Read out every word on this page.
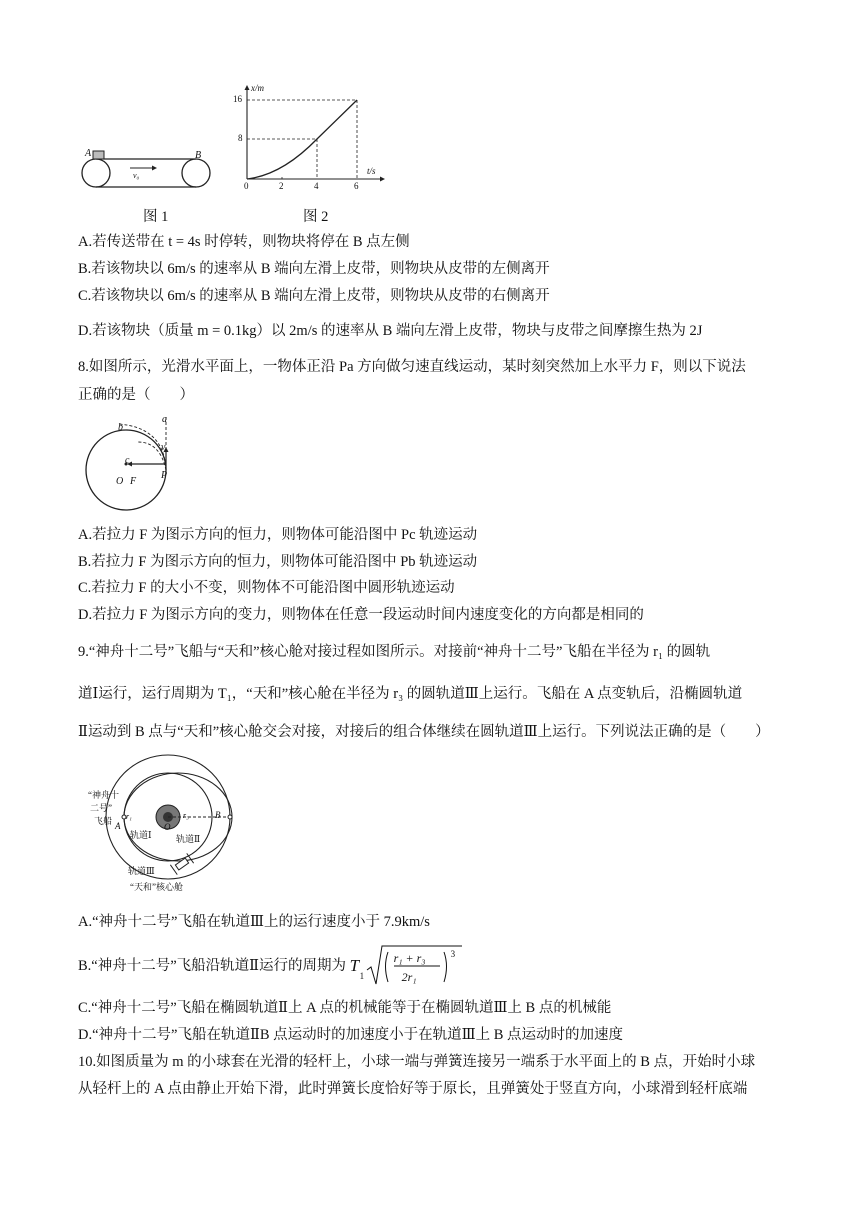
A	B
v₀
图 1
x/m
t/s
16
8
0	2	4	6
图 2
A.若传送带在 t = 4s 时停转，则物块将停在 B 点左侧
B.若该物块以 6m/s 的速率从 B 端向左滑上皮带，则物块从皮带的左侧离开
C.若该物块以 6m/s 的速率从 B 端向左滑上皮带，则物块从皮带的右侧离开
D.若该物块（质量 m = 0.1kg）以 2m/s 的速率从 B 端向左滑上皮带，物块与皮带之间摩擦生热为 2J
8.如图所示，光滑水平面上，一物体正沿 Pa 方向做匀速直线运动，某时刻突然加上水平力 F，则以下说法
正确的是（　　）
a
b
c
v
P
O F
A.若拉力 F 为图示方向的恒力，则物体可能沿图中 Pc 轨迹运动
B.若拉力 F 为图示方向的恒力，则物体可能沿图中 Pb 轨迹运动
C.若拉力 F 的大小不变，则物体不可能沿图中圆形轨迹运动
D.若拉力 F 为图示方向的变力，则物体在任意一段运动时间内速度变化的方向都是相同的
9.“神舟十二号”飞船与“天和”核心舱对接过程如图所示。对接前“神舟十二号”飞船在半径为 r₁ 的圆轨
道Ⅰ运行，运行周期为 T₁，“天和”核心舱在半径为 r₃ 的圆轨道Ⅲ上运行。飞船在 A 点变轨后，沿椭圆轨道
Ⅱ运动到 B 点与“天和”核心舱交会对接，对接后的组合体继续在圆轨道Ⅲ上运行。下列说法正确的是（　　）
“神舟十
二号”
飞船 A
B
r₁	r₃
O
轨道Ⅰ	轨道Ⅱ
轨道Ⅲ
“天和”核心舱
A.“神舟十二号”飞船在轨道Ⅲ上的运行速度小于 7.9km/s
B.“神舟十二号”飞船沿轨道Ⅱ运行的周期为 T
1
r₁ + r₃
2r₁
3
C.“神舟十二号”飞船在椭圆轨道Ⅱ上 A 点的机械能等于在椭圆轨道Ⅲ上 B 点的机械能
D.“神舟十二号”飞船在轨道ⅡB 点运动时的加速度小于在轨道Ⅲ上 B 点运动时的加速度
10.如图质量为 m 的小球套在光滑的轻杆上，小球一端与弹簧连接另一端系于水平面上的 B 点，开始时小球
从轻杆上的 A 点由静止开始下滑，此时弹簧长度恰好等于原长，且弹簧处于竖直方向，小球滑到轻杆底端
